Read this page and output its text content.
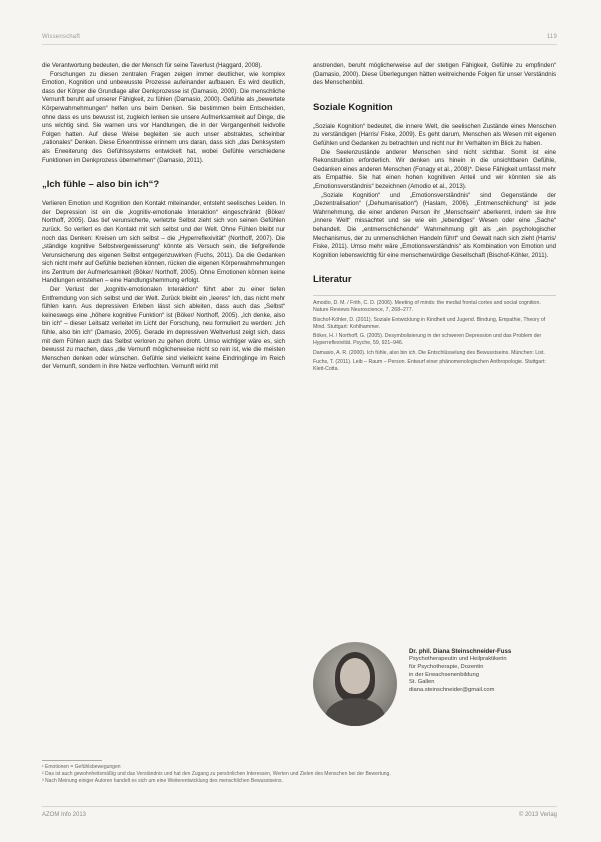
Wissenschaft	119
die Verantwortung bedeuten, die der Mensch für seine Taverlust (Haggard, 2008).
Forschungen zu diesen zentralen Fragen zeigen immer deutlicher, wie komplex Emotion, Kognition und unbewusste Prozesse aufeinander aufbauen. Es wird deutlich, dass der Körper die Grundlage aller Denkprozesse ist (Damasio, 2000). Die menschliche Vernunft beruht auf unserer Fähigkeit, zu fühlen (Damasio, 2000). Gefühle als „bewertete Körperwahrnehmungen“ helfen uns beim Denken. Sie bestimmen beim Entscheiden, ohne dass es uns bewusst ist, zugleich lenken sie unsere Aufmerksamkeit auf Dinge, die uns wichtig sind. Sie warnen uns vor Handlungen, die in der Vergangenheit leidvolle Folgen hatten. Auf diese Weise begleiten sie auch unser abstraktes, scheinbar „rationales“ Denken. Diese Erkenntnisse erinnern uns daran, dass sich „das Denksystem als Erweiterung des Gefühlssystems entwickelt hat, wobei Gefühle verschiedene Funktionen im Denkprozess übernehmen“ (Damasio, 2011).
„Ich fühle – also bin ich“?
Verlieren Emotion und Kognition den Kontakt miteinander, entsteht seelisches Leiden. In der Depression ist ein die „kognitiv-emotionale Interaktion“ eingeschränkt (Böker/ Northoff, 2005). Das tief verunsicherte, verletzte Selbst zieht sich von seinen Gefühlen zurück. So verliert es den Kontakt mit sich selbst und der Welt. Ohne Fühlen bleibt nur noch das Denken: Kreisen um sich selbst – die „Hyperreflexivität“ (Northoff, 2007). Die „ständige kognitive Selbstvergewisserung“ könnte als Versuch sein, die tiefgreifende Verunsicherung des eigenen Selbst entgegenzuwirken (Fuchs, 2011). Da die Gedanken sich nicht mehr auf Gefühle beziehen können, rücken die eigenen Körperwahrnehmungen ins Zentrum der Aufmerksamkeit (Böker/ Northoff, 2005). Ohne Emotionen können keine Handlungen entstehen – eine Handlungshemmung erfolgt.
Der Verlust der „kognitiv-emotionalen Interaktion“ führt aber zu einer tiefen Entfremdung von sich selbst und der Welt. Zurück bleibt ein „leeres“ Ich, das nicht mehr fühlen kann. Aus depressiven Erleben lässt sich ableiten, dass auch das „Selbst“ keineswegs eine „höhere kognitive Funktion“ ist (Böker/ Northoff, 2005). „Ich denke, also bin ich“ – dieser Leitsatz verleitet im Licht der Forschung, neu formuliert zu werden: „Ich fühle, also bin ich“ (Damasio, 2005). Gerade im depressiven Weltverlust zeigt sich, dass mit dem Fühlen auch das Selbst verloren zu gehen droht. Umso wichtiger wäre es, sich bewusst zu machen, dass „die Vernunft möglicherweise nicht so rein ist, wie die meisten Menschen denken oder wünschen. Gefühle sind vielleicht keine Eindringlinge im Reich der Vernunft, sondern in ihre Netze verflochten. Vernunft wirkt mit
anstrenden, beruht möglicherweise auf der stetigen Fähigkeit, Gefühle zu empfinden“ (Damasio, 2000). Diese Überlegungen hätten weitreichende Folgen für unser Verständnis des Menschenbild.
Soziale Kognition
„Soziale Kognition“ bedeutet, die innere Welt, die seelischen Zustände eines Menschen zu verständigen (Harris/ Fiske, 2009). Es geht darum, Menschen als Wesen mit eigenen Gefühlen und Gedanken zu betrachten und nicht nur ihr Verhalten im Blick zu haben.
Die Seelenzustände anderer Menschen sind nicht sichtbar. Somit ist eine Rekonstruktion erforderlich. Wir denken uns hinein in die unsichtbaren Gefühle, Gedanken eines anderen Menschen (Fonagy et al., 2008)*. Diese Fähigkeit umfasst mehr als Empathie. Sie hat einen hohen kognitiven Anteil und wir könnten sie als „Emotionsverständnis“ bezeichnen (Amodio et al., 2013).
„Soziale Kognition“ und „Emotionsverständnis“ sind Gegenstände der „Dezentralisation“ („Dehumanisation“) (Haslam, 2006). „Entmenschlichung“ ist jede Wahrnehmung, die einer anderen Person ihr „Menschsein“ aberkennt, indem sie ihre „innere Welt“ missachtet und sie wie ein „lebendiges“ Wesen oder eine „Sache“ behandelt. Die „entmenschlichende“ Wahrnehmung gilt als „ein psychologischer Mechanismus, der zu unmenschlichen Handeln führt“ und Gewalt nach sich zieht (Harris/ Fiske, 2011). Umso mehr wäre „Emotionsverständnis“ als Kombination von Emotion und Kognition lebenswichtig für eine menschenwürdige Gesellschaft (Bischof-Köhler, 2011).
Literatur
Amodio, D. M. / Frith, C. D. (2006). Meeting of minds: the medial frontal cortex and social cognition. Nature Reviews Neuroscience, 7, 268–277.
Bischof-Köhler, D. (2011). Soziale Entwicklung in Kindheit und Jugend. Bindung, Empathie, Theory of Mind. Stuttgart: Kohlhammer.
Böker, H. / Northoff, G. (2005). Desymbolisierung in der schweren Depression und das Problem der Hyperreflexivität. Psyche, 59, 921–946.
Damasio, A. R. (2000). Ich fühle, also bin ich. Die Entschlüsselung des Bewusstseins. München: List.
Fuchs, T. (2011). Leib – Raum – Person. Entwurf einer phänomenologischen Anthropologie. Stuttgart: Klett-Cotta.
Dr. phil. Diana Steinschneider-Fuss
Psychotherapeutin und Heilpraktikerin
für Psychotherapie, Dozentin
in der Erwachsenenbildung
St. Gallen
diana.steinschneider@gmail.com
¹ Emotionen = Gefühlsbewegungen
² Das ist auch gewohnheitsmäßig und das Verständnis und hat den Zugang zu persönlichen Interessen, Werten und Zielen des Menschen bei der Bewertung.
³ Nach Meinung einiger Autoren handelt es sich um eine Weiterentwicklung des menschlichen Bewusstseins.
AZOM Info 2013	© 2013 Verlag
